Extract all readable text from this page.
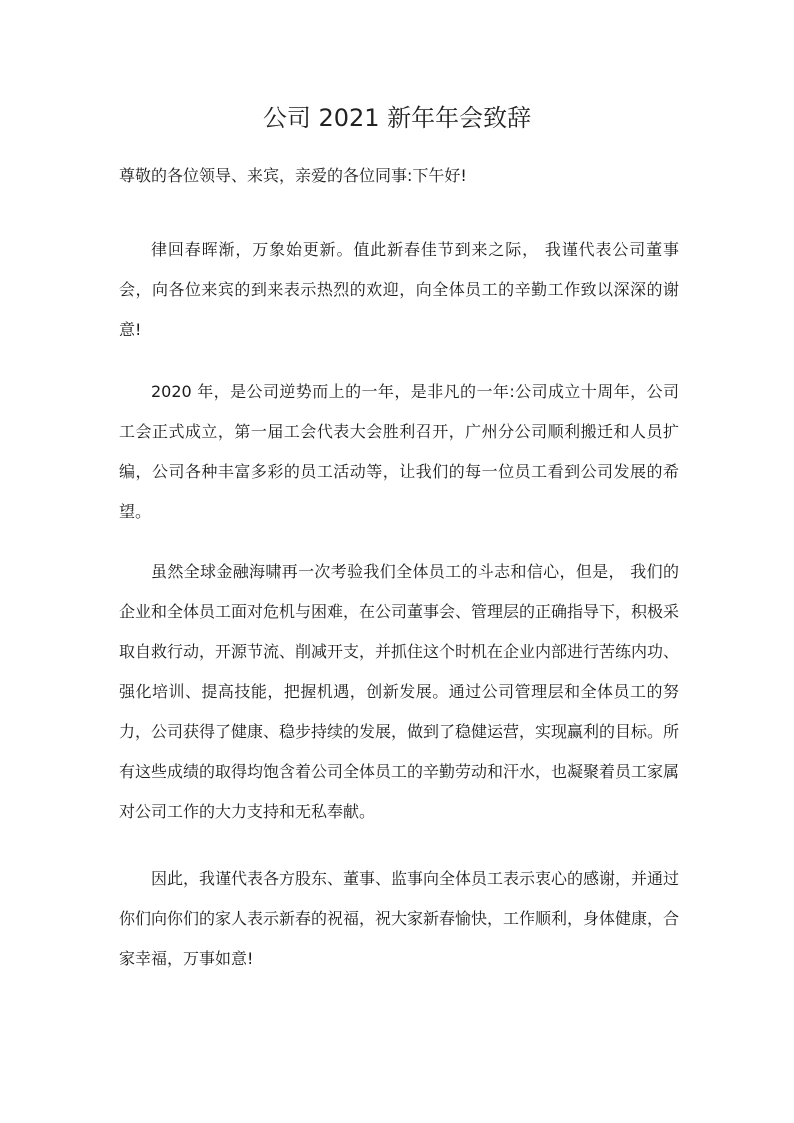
公司 2021 新年年会致辞
尊敬的各位领导、来宾，亲爱的各位同事:下午好!

律回春晖渐，万象始更新。值此新春佳节到来之际， 我谨代表公司董事会，向各位来宾的到来表示热烈的欢迎，向全体员工的辛勤工作致以深深的谢意!

2020 年，是公司逆势而上的一年，是非凡的一年:公司成立十周年，公司工会正式成立，第一届工会代表大会胜利召开，广州分公司顺利搬迁和人员扩编，公司各种丰富多彩的员工活动等，让我们的每一位员工看到公司发展的希望。

虽然全球金融海啸再一次考验我们全体员工的斗志和信心，但是， 我们的企业和全体员工面对危机与困难，在公司董事会、管理层的正确指导下，积极采取自救行动，开源节流、削减开支，并抓住这个时机在企业内部进行苦练内功、强化培训、提高技能，把握机遇，创新发展。通过公司管理层和全体员工的努力，公司获得了健康、稳步持续的发展，做到了稳健运营，实现赢利的目标。所有这些成绩的取得均饱含着公司全体员工的辛勤劳动和汗水，也凝聚着员工家属对公司工作的大力支持和无私奉献。

因此，我谨代表各方股东、董事、监事向全体员工表示衷心的感谢，并通过你们向你们的家人表示新春的祝福，祝大家新春愉快，工作顺利，身体健康，合家幸福，万事如意!
